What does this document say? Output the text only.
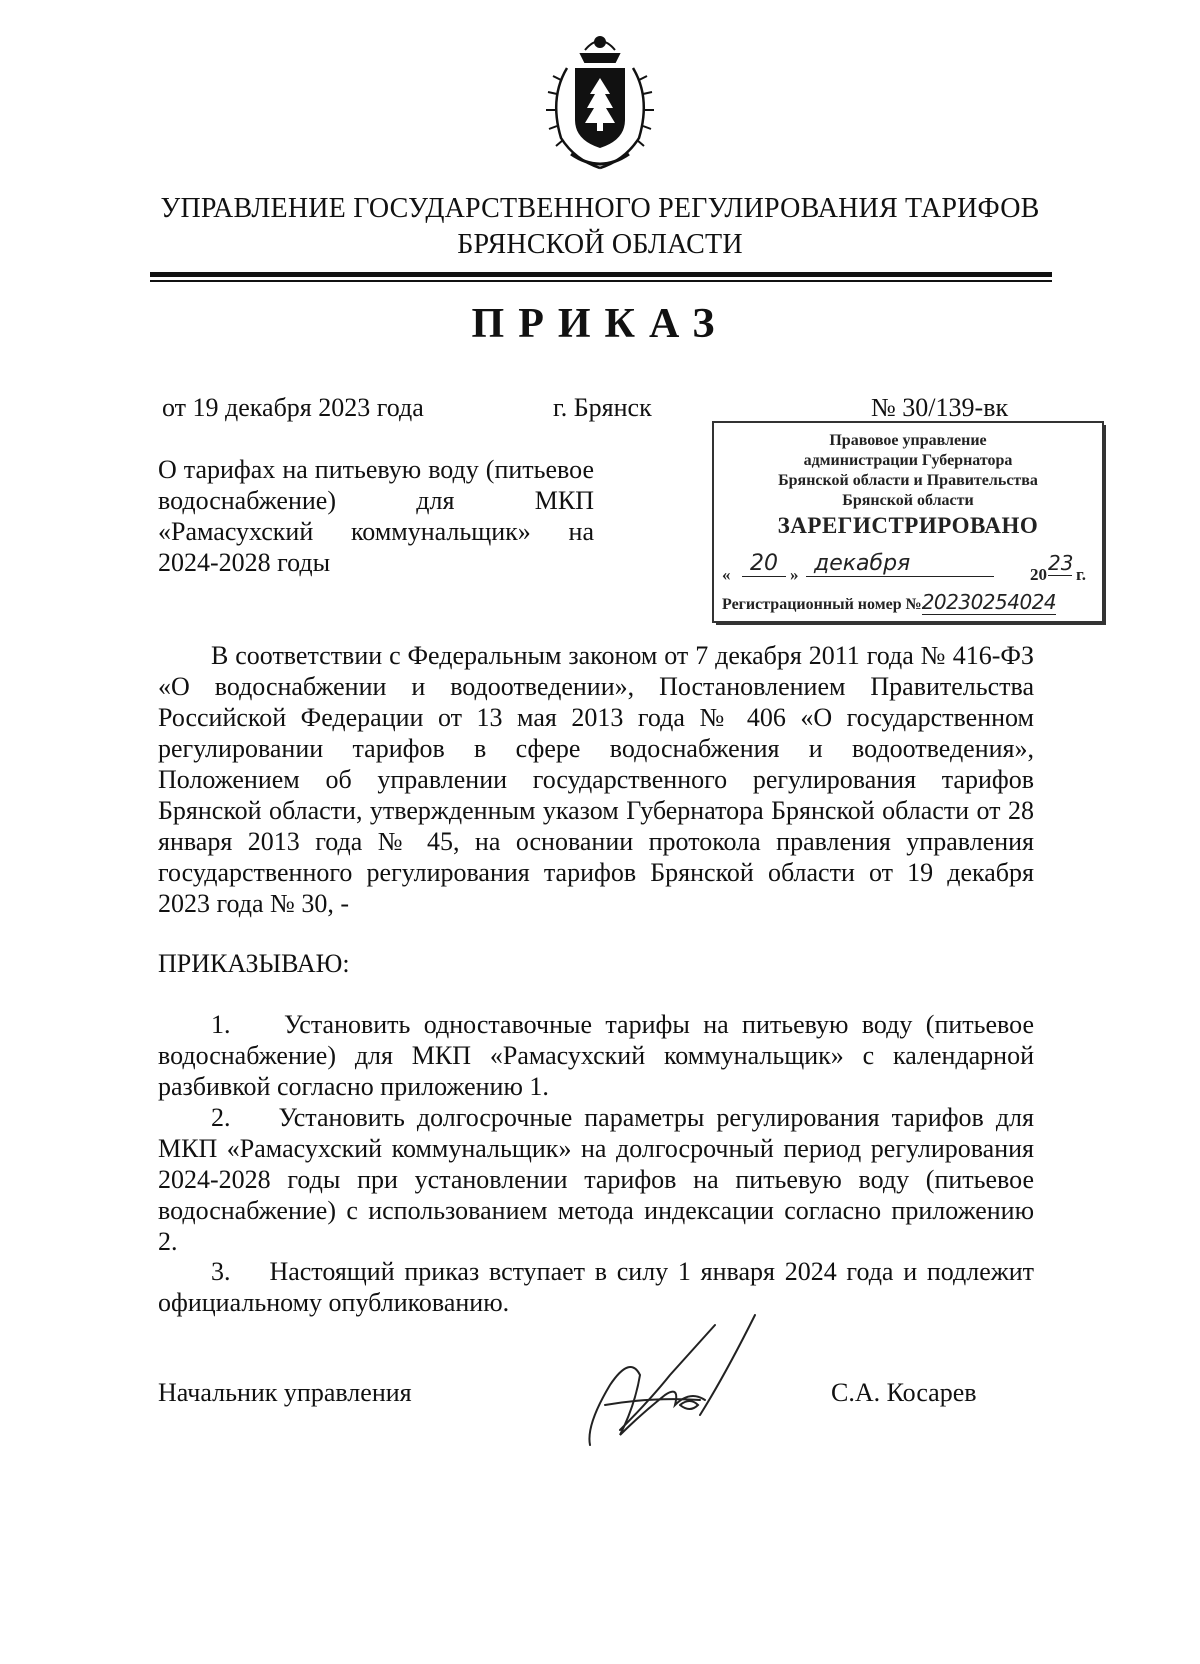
УПРАВЛЕНИЕ ГОСУДАРСТВЕННОГО РЕГУЛИРОВАНИЯ ТАРИФОВ
БРЯНСКОЙ ОБЛАСТИ
ПРИКАЗ
от 19 декабря 2023 года	г. Брянск	№ 30/139-вк
О тарифах на питьевую воду (питьевое водоснабжение) для МКП «Рамасухский коммунальщик» на 2024-2028 годы
Правовое управление
администрации Губернатора
Брянской области и Правительства
Брянской области
ЗАРЕГИСТРИРОВАНО
« 20 » декабря	20 23 г.
Регистрационный номер №20230254024
В соответствии с Федеральным законом от 7 декабря 2011 года № 416-ФЗ «О водоснабжении и водоотведении», Постановлением Правительства Российской Федерации от 13 мая 2013 года № 406 «О государственном регулировании тарифов в сфере водоснабжения и водоотведения», Положением об управлении государственного регулирования тарифов Брянской области, утвержденным указом Губернатора Брянской области от 28 января 2013 года № 45, на основании протокола правления управления государственного регулирования тарифов Брянской области от 19 декабря 2023 года № 30, -
ПРИКАЗЫВАЮ:
1.    Установить одноставочные тарифы на питьевую воду (питьевое водоснабжение) для МКП «Рамасухский коммунальщик» с календарной разбивкой согласно приложению 1.
2.    Установить долгосрочные параметры регулирования тарифов для МКП «Рамасухский коммунальщик» на долгосрочный период регулирования 2024-2028 годы при установлении тарифов на питьевую воду (питьевое водоснабжение) с использованием метода индексации согласно приложению 2.
3.    Настоящий приказ вступает в силу 1 января 2024 года и подлежит официальному опубликованию.
Начальник управления	С.А. Косарев
